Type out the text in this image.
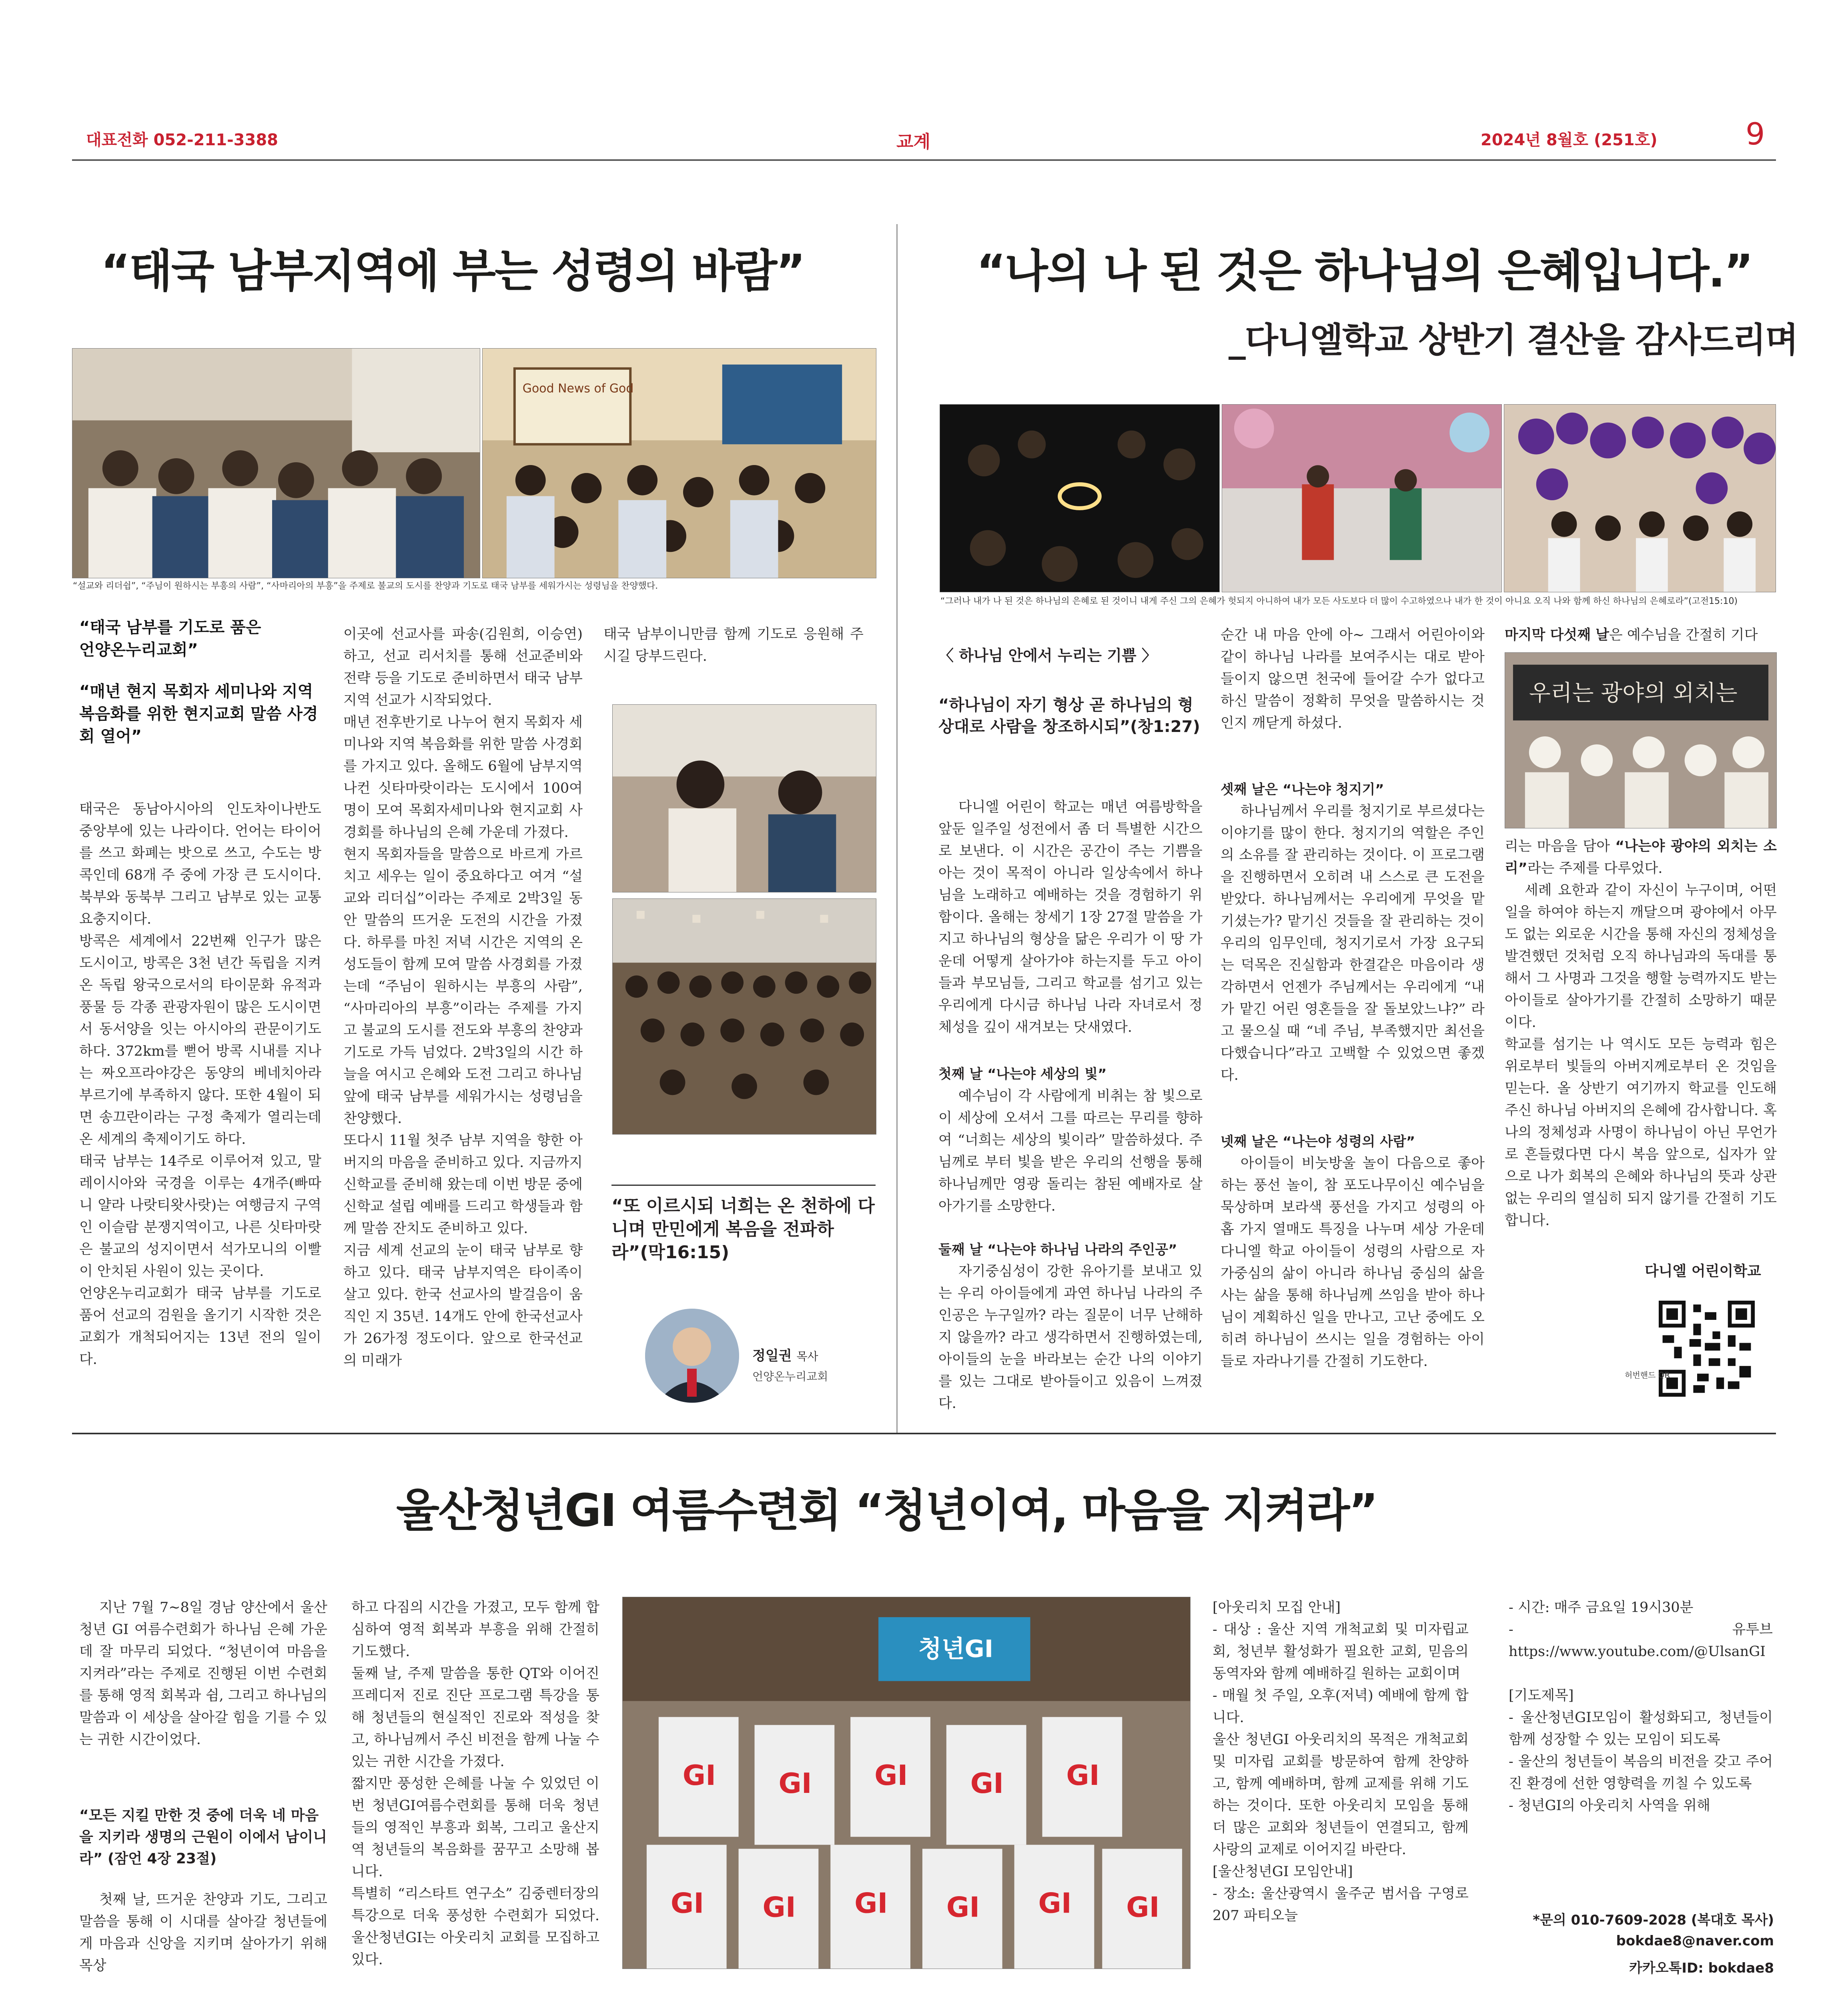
대표전화 052-211-3388	교계	2024년 8월호 (251호)	9
“태국 남부지역에 부는 성령의 바람”
Good News of God
“설교와 리더쉽”, “주님이 원하시는 부흥의 사람”, “사마리아의 부흥”을 주제로 불교의 도시를 찬양과 기도로 태국 남부를 세워가시는 성령님을 찬양했다.

“태국 남부를 기도로 품은
언양온누리교회”

“매년 현지 목회자 세미나와 지역복음화를 위한 현지교회 말씀 사경회 열어”

태국은 동남아시아의 인도차이나반도 중앙부에 있는 나라이다. 언어는 타이어를 쓰고 화폐는 밧으로 쓰고, 수도는 방콕인데 68개 주 중에 가장 큰 도시이다. 북부와 동북부 그리고 남부로 있는 교통요충지이다.
방콕은 세계에서 22번째 인구가 많은 도시이고, 방콕은 3천 년간 독립을 지켜 온 독립 왕국으로서의 타이문화 유적과 풍물 등 각종 관광자원이 많은 도시이면서 동서양을 잇는 아시아의 관문이기도 하다. 372km를 뻗어 방콕 시내를 지나는 짜오프라야강은 동양의 베네치아라 부르기에 부족하지 않다. 또한 4월이 되면 송끄란이라는 구정 축제가 열리는데 온 세계의 축제이기도 하다.
태국 남부는 14주로 이루어져 있고, 말레이시아와 국경을 이루는 4개주(빠따니 얄라 나랏티왓사랏)는 여행금지 구역인 이슬람 분쟁지역이고, 나른 싯타마랏은 불교의 성지이면서 석가모니의 이빨이 안치된 사원이 있는 곳이다.
언양온누리교회가 태국 남부를 기도로 품어 선교의 검원을 올기기 시작한 것은 교회가 개척되어지는 13년 전의 일이다.

이곳에 선교사를 파송(김원희, 이승연)하고, 선교 리서치를 통해 선교준비와 전략 등을 기도로 준비하면서 태국 남부지역 선교가 시작되었다.
매년 전후반기로 나누어 현지 목회자 세미나와 지역 복음화를 위한 말씀 사경회를 가지고 있다. 올해도 6월에 남부지역 나컨 싯타마랏이라는 도시에서 100여 명이 모여 목회자세미나와 현지교회 사경회를 하나님의 은혜 가운데 가졌다.
현지 목회자들을 말씀으로 바르게 가르치고 세우는 일이 중요하다고 여겨 “설교와 리더십”이라는 주제로 2박3일 동안 말씀의 뜨거운 도전의 시간을 가졌다. 하루를 마친 저녁 시간은 지역의 온 성도들이 함께 모여 말씀 사경회를 가졌는데 “주님이 원하시는 부흥의 사람”, “사마리아의 부흥”이라는 주제를 가지고 불교의 도시를 전도와 부흥의 찬양과 기도로 가득 넘었다. 2박3일의 시간 하늘을 여시고 은혜와 도전 그리고 하나님 앞에 태국 남부를 세워가시는 성령님을 찬양했다.
또다시 11월 첫주 남부 지역을 향한 아버지의 마음을 준비하고 있다. 지금까지 신학교를 준비해 왔는데 이번 방문 중에 신학교 설립 예배를 드리고 학생들과 함께 말씀 잔치도 준비하고 있다.
지금 세계 선교의 눈이 태국 남부로 향하고 있다. 태국 남부지역은 타이족이 살고 있다. 한국 선교사의 발걸음이 움직인 지 35년. 14개도 안에 한국선교사가 26가정 정도이다. 앞으로 한국선교의 미래가

태국 남부이니만큼 함께 기도로 응원해 주시길 당부드린다.

“또 이르시되 너희는 온 천하에 다니며 만민에게 복음을 전파하라”(막16:15)

정일권 목사
언양온누리교회
“나의 나 된 것은 하나님의 은혜입니다.”
_다니엘학교 상반기 결산을 감사드리며
“그러나 내가 나 된 것은 하나님의 은혜로 된 것이니 내게 주신 그의 은혜가 헛되지 아니하여 내가 모든 사도보다 더 많이 수고하였으나 내가 한 것이 아니요 오직 나와 함께 하신 하나님의 은혜로라”(고전15:10)
〈 하나님 안에서 누리는 기쁨 〉

“하나님이 자기 형상 곧 하나님의 형상대로 사람을 창조하시되”(창1:27)

다니엘 어린이 학교는 매년 여름방학을 앞둔 일주일 성전에서 좀 더 특별한 시간으로 보낸다. 이 시간은 공간이 주는 기쁨을 아는 것이 목적이 아니라 일상속에서 하나님을 노래하고 예배하는 것을 경험하기 위함이다. 올해는 창세기 1장 27절 말씀을 가지고 하나님의 형상을 닮은 우리가 이 땅 가운데 어떻게 살아가야 하는지를 두고 아이들과 부모님들, 그리고 학교를 섬기고 있는 우리에게 다시금 하나님 나라 자녀로서 정체성을 깊이 새겨보는 닷새였다.

첫째 날 “나는야 세상의 빛”

예수님이 각 사람에게 비취는 참 빛으로 이 세상에 오셔서 그를 따르는 무리를 향하여 “너희는 세상의 빛이라” 말씀하셨다. 주님께로 부터 빛을 받은 우리의 선행을 통해 하나님께만 영광 돌리는 참된 예배자로 살아가기를 소망한다.

둘째 날 “나는야 하나님 나라의 주인공”

자기중심성이 강한 유아기를 보내고 있는 우리 아이들에게 과연 하나님 나라의 주인공은 누구일까? 라는 질문이 너무 난해하지 않을까? 라고 생각하면서 진행하였는데, 아이들의 눈을 바라보는 순간 나의 이야기를 있는 그대로 받아들이고 있음이 느껴졌다.

순간 내 마음 안에 아~ 그래서 어린아이와 같이 하나님 나라를 보여주시는 대로 받아들이지 않으면 천국에 들어갈 수가 없다고 하신 말씀이 정확히 무엇을 말씀하시는 것인지 깨닫게 하셨다.

셋째 날은 “나는야 청지기”

하나님께서 우리를 청지기로 부르셨다는 이야기를 많이 한다. 청지기의 역할은 주인의 소유를 잘 관리하는 것이다. 이 프로그램을 진행하면서 오히려 내 스스로 큰 도전을 받았다. 하나님께서는 우리에게 무엇을 맡기셨는가? 맡기신 것들을 잘 관리하는 것이 우리의 임무인데, 청지기로서 가장 요구되는 덕목은 진실함과 한결같은 마음이라 생각하면서 언젠가 주님께서는 우리에게 “내가 맡긴 어린 영혼들을 잘 돌보았느냐?” 라고 물으실 때 “네 주님, 부족했지만 최선을 다했습니다”라고 고백할 수 있었으면 좋겠다.

넷째 날은 “나는야 성령의 사람”

아이들이 비눗방울 놀이 다음으로 좋아하는 풍선 놀이, 참 포도나무이신 예수님을 묵상하며 보라색 풍선을 가지고 성령의 아홉 가지 열매도 특징을 나누며 세상 가운데 다니엘 학교 아이들이 성령의 사람으로 자가중심의 삶이 아니라 하나님 중심의 삶을 사는 삶을 통해 하나님께 쓰임을 받아 하나님이 계획하신 일을 만나고, 고난 중에도 오히려 하나님이 쓰시는 일을 경험하는 아이들로 자라나기를 간절히 기도한다.

마지막 다섯째 날은 예수님을 간절히 기다
우리는 광야의 외치는
리는 마음을 담아 “나는야 광야의 외치는 소리”라는 주제를 다루었다.

세례 요한과 같이 자신이 누구이며, 어떤 일을 하여야 하는지 깨달으며 광야에서 아무도 없는 외로운 시간을 통해 자신의 정체성을 발견했던 것처럼 오직 하나님과의 독대를 통해서 그 사명과 그것을 행할 능력까지도 받는 아이들로 살아가기를 간절히 소망하기 때문이다.
학교를 섬기는 나 역시도 모든 능력과 힘은 위로부터 빛들의 아버지께로부터 온 것임을 믿는다. 올 상반기 여기까지 학교를 인도해 주신 하나님 아버지의 은혜에 감사합니다. 혹 나의 정체성과 사명이 하나님이 아닌 무언가로 흔들렸다면 다시 복음 앞으로, 십자가 앞으로 나가 회복의 은혜와 하나님의 뜻과 상관없는 우리의 열심히 되지 않기를 간절히 기도합니다.

다니엘 어린이학교
허번핸드 QR
울산청년GI 여름수련회 “청년이여, 마음을 지켜라”

지난 7월 7~8일 경남 양산에서 울산청년 GI 여름수련회가 하나님 은혜 가운데 잘 마무리 되었다. “청년이여 마음을 지켜라”라는 주제로 진행된 이번 수련회를 통해 영적 회복과 쉼, 그리고 하나님의 말씀과 이 세상을 살아갈 힘을 기를 수 있는 귀한 시간이었다.

“모든 지킬 만한 것 중에 더욱 네 마음을 지키라 생명의 근원이 이에서 남이니라” (잠언 4장 23절)

첫째 날, 뜨거운 찬양과 기도, 그리고 말씀을 통해 이 시대를 살아갈 청년들에게 마음과 신앙을 지키며 살아가기 위해 목상

하고 다짐의 시간을 가졌고, 모두 함께 합심하여 영적 회복과 부흥을 위해 간절히 기도했다.
둘째 날, 주제 말씀을 통한 QT와 이어진 프레디저 진로 진단 프로그램 특강을 통해 청년들의 현실적인 진로와 적성을 찾고, 하나님께서 주신 비전을 함께 나눌 수 있는 귀한 시간을 가졌다.
짧지만 풍성한 은혜를 나눌 수 있었던 이번 청년GI여름수련회를 통해 더욱 청년들의 영적인 부흥과 회복, 그리고 울산지역 청년들의 복음화를 꿈꾸고 소망해 봅니다.
특별히 “리스타트 연구소” 김중렌터장의 특강으로 더욱 풍성한 수련회가 되었다. 울산청년GI는 아웃리치 교회를 모집하고 있다.

청년GI
GI GI GI GI GI
GI GI GI GI GI GI

[아웃리치 모집 안내]
- 대상 : 울산 지역 개척교회 및 미자립교회, 청년부 활성화가 필요한 교회, 믿음의 동역자와 함께 예배하길 원하는 교회이며
- 매월 첫 주일, 오후(저녁) 예배에 함께 합니다.
울산 청년GI 아웃리치의 목적은 개척교회 및 미자립 교회를 방문하여 함께 찬양하고, 함께 예배하며, 함께 교제를 위해 기도하는 것이다. 또한 아웃리치 모임을 통해 더 많은 교회와 청년들이 연결되고, 함께 사랑의 교제로 이어지길 바란다.
[울산청년GI 모임안내]
- 장소: 울산광역시 울주군 범서읍 구영로 207 파티오늘

- 시간: 매주 금요일 19시30분
- 유투브 https://www.youtube.com/@UlsanGI

[기도제목]
- 울산청년GI모임이 활성화되고, 청년들이 함께 성장할 수 있는 모임이 되도록
- 울산의 청년들이 복음의 비전을 갖고 주어진 환경에 선한 영향력을 끼칠 수 있도록
- 청년GI의 아웃리치 사역을 위해

*문의 010-7609-2028 (복대호 목사)
bokdae8@naver.com
카카오톡ID: bokdae8
